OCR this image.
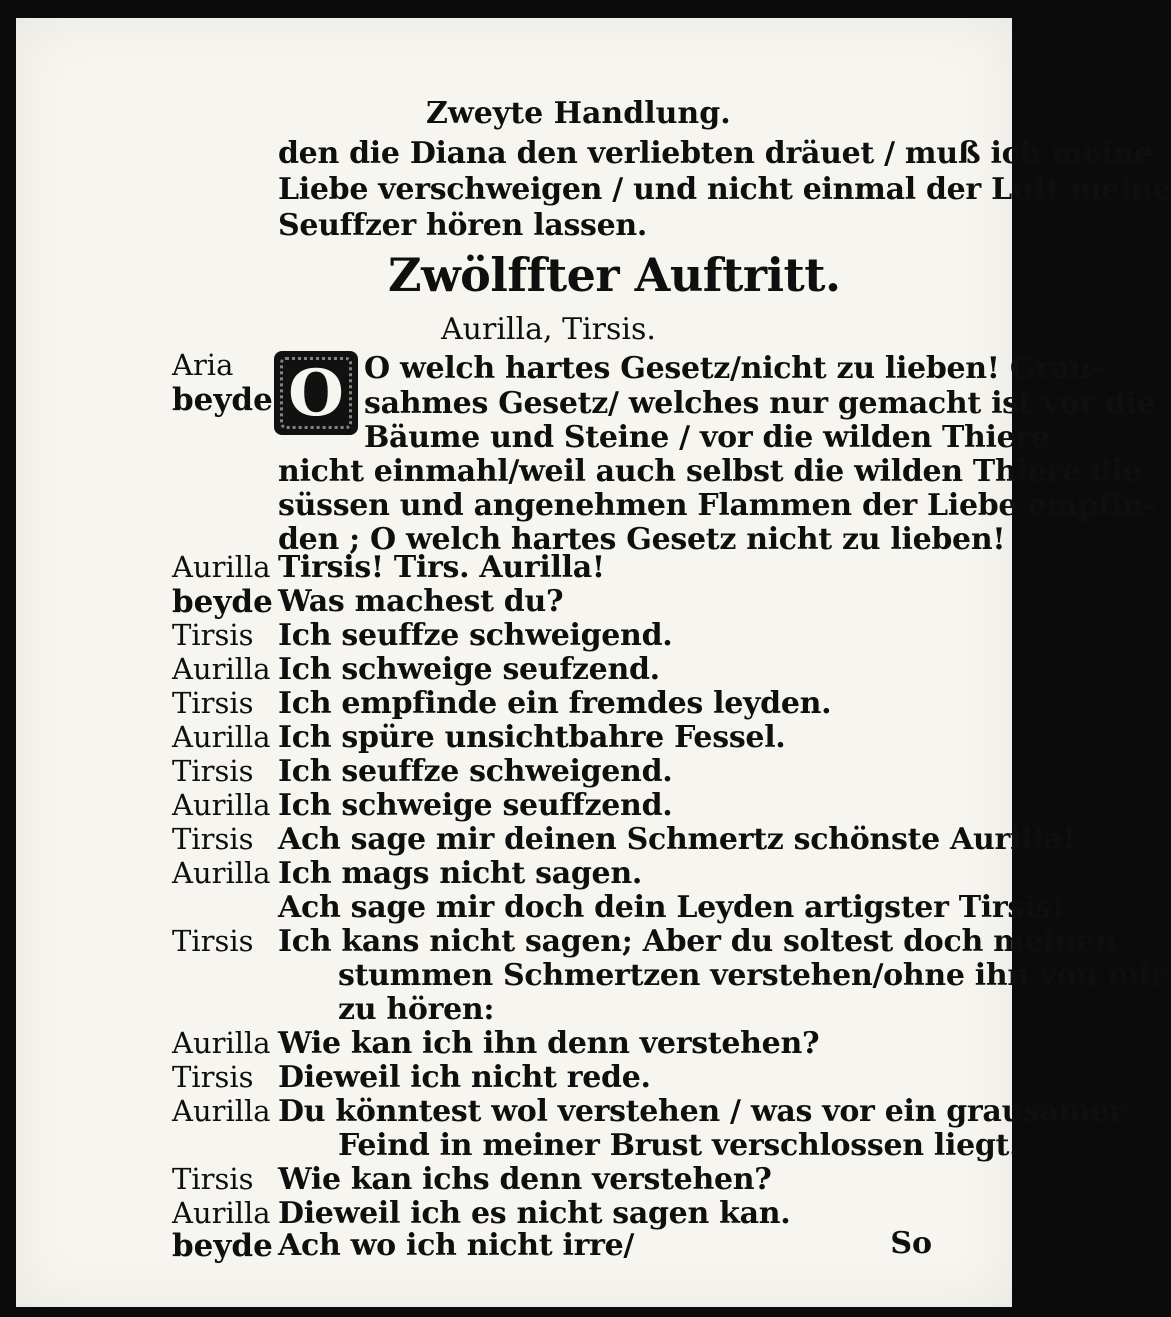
Zweyte Handlung.
den die Diana den verliebten dräuet / muß ich meine
Liebe verschweigen / und nicht einmal der Luft meine
Seuffzer hören lassen.
Zwölffter Auftritt.
Aurilla, Tirsis.
Aria
beyde O O welch hartes Gesetz/nicht zu lieben! Grau-
sahmes Gesetz/ welches nur gemacht ist vor die
Bäume und Steine / vor die wilden Thiere
nicht einmahl/weil auch selbst die wilden Thiere die
süssen und angenehmen Flammen der Liebe empfin-
den ; O welch hartes Gesetz nicht zu lieben!
Aurilla Tirsis! Tirs. Aurilla!
beyde Was machest du?
Tirsis Ich seuffze schweigend.
Aurilla Ich schweige seufzend.
Tirsis Ich empfinde ein fremdes leyden.
Aurilla Ich spüre unsichtbahre Fessel.
Tirsis Ich seuffze schweigend.
Aurilla Ich schweige seuffzend.
Tirsis Ach sage mir deinen Schmertz schönste Aurilla!
Aurilla Ich mags nicht sagen.
Ach sage mir doch dein Leyden artigster Tirsis!
Tirsis Ich kans nicht sagen; Aber du soltest doch meinen
stummen Schmertzen verstehen/ohne ihn von mir
zu hören:
Aurilla Wie kan ich ihn denn verstehen?
Tirsis Dieweil ich nicht rede.
Aurilla Du könntest wol verstehen / was vor ein grausamer
Feind in meiner Brust verschlossen liegt.
Tirsis Wie kan ichs denn verstehen?
Aurilla Dieweil ich es nicht sagen kan.
beyde Ach wo ich nicht irre/	So
